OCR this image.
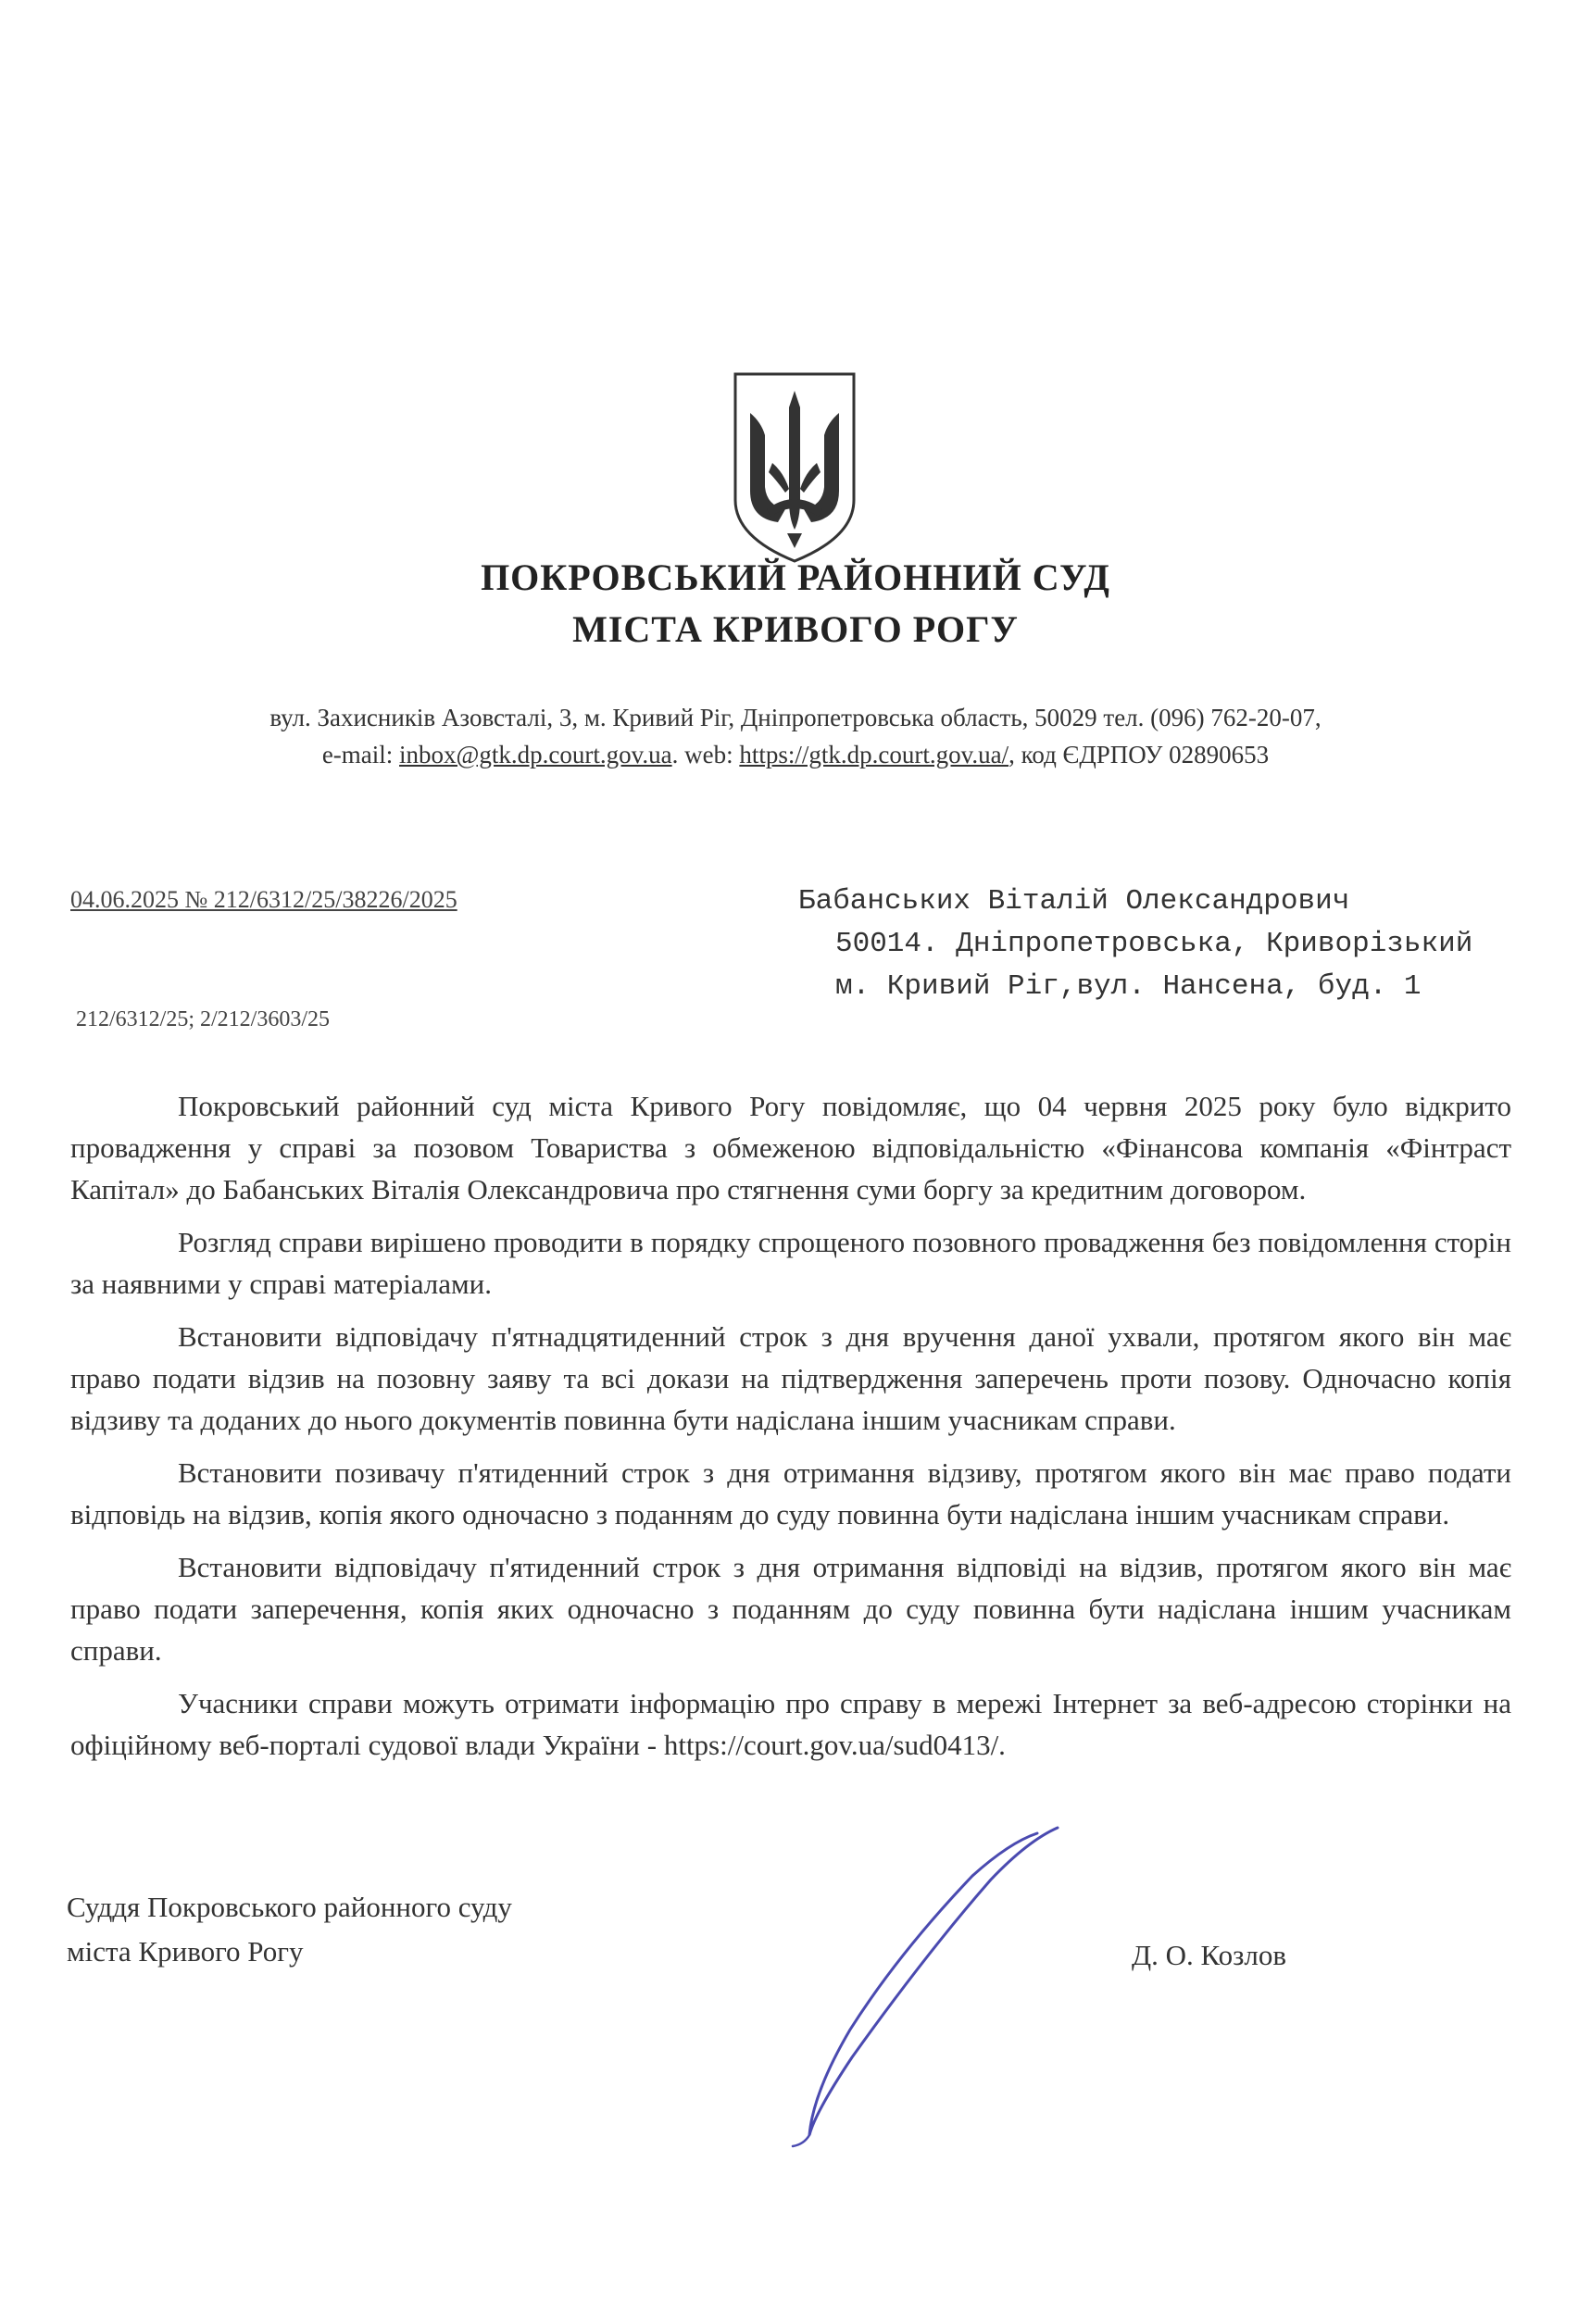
ПОКРОВСЬКИЙ РАЙОННИЙ СУД
МІСТА КРИВОГО РОГУ
вул. Захисників Азовсталі, 3, м. Кривий Ріг, Дніпропетровська область, 50029 тел. (096) 762-20-07,
e-mail: inbox@gtk.dp.court.gov.ua. web: https://gtk.dp.court.gov.ua/, код ЄДРПОУ 02890653
04.06.2025 № 212/6312/25/38226/2025	Бабанських Віталій Олександрович
50014. Дніпропетровська, Криворізький
м. Кривий Ріг,вул. Нансена, буд. 1
212/6312/25; 2/212/3603/25

Покровський районний суд міста Кривого Рогу повідомляє, що 04 червня 2025 року було відкрито провадження у справі за позовом Товариства з обмеженою відповідальністю «Фінансова компанія «Фінтраст Капітал» до Бабанських Віталія Олександровича про стягнення суми боргу за кредитним договором.

Розгляд справи вирішено проводити в порядку спрощеного позовного провадження без повідомлення сторін за наявними у справі матеріалами.

Встановити відповідачу п'ятнадцятиденний строк з дня вручення даної ухвали, протягом якого він має право подати відзив на позовну заяву та всі докази на підтвердження заперечень проти позову. Одночасно копія відзиву та доданих до нього документів повинна бути надіслана іншим учасникам справи.

Встановити позивачу п'ятиденний строк з дня отримання відзиву, протягом якого він має право подати відповідь на відзив, копія якого одночасно з поданням до суду повинна бути надіслана іншим учасникам справи.

Встановити відповідачу п'ятиденний строк з дня отримання відповіді на відзив, протягом якого він має право подати заперечення, копія яких одночасно з поданням до суду повинна бути надіслана іншим учасникам справи.

Учасники справи можуть отримати інформацію про справу в мережі Інтернет за веб-адресою сторінки на офіційному веб-порталі судової влади України - https://court.gov.ua/sud0413/.

Суддя Покровського районного суду
міста Кривого Рогу	Д. О. Козлов
